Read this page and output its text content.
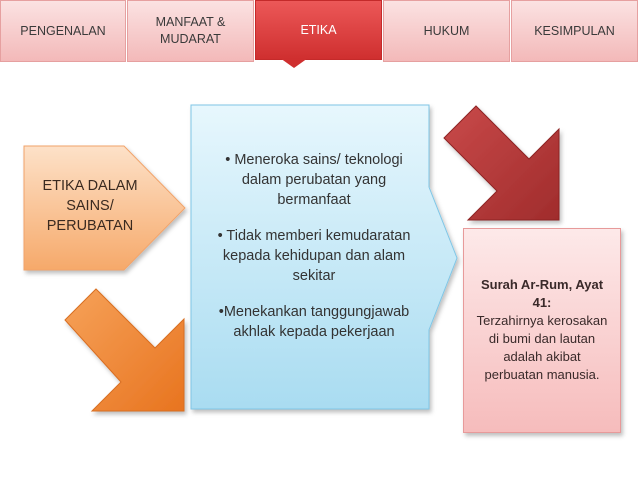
PENGENALAN
MANFAAT &
MUDARAT
ETIKA	HUKUM	KESIMPULAN
ETIKA DALAM
SAINS/
PERUBATAN

• Meneroka sains/ teknologi
dalam perubatan yang
bermanfaat

• Tidak memberi kemudaratan
kepada kehidupan dan alam
sekitar

•Menekankan tanggungjawab
akhlak kepada pekerjaan

Surah Ar-Rum, Ayat
41:
Terzahirnya kerosakan
di bumi dan lautan
adalah akibat
perbuatan manusia.
